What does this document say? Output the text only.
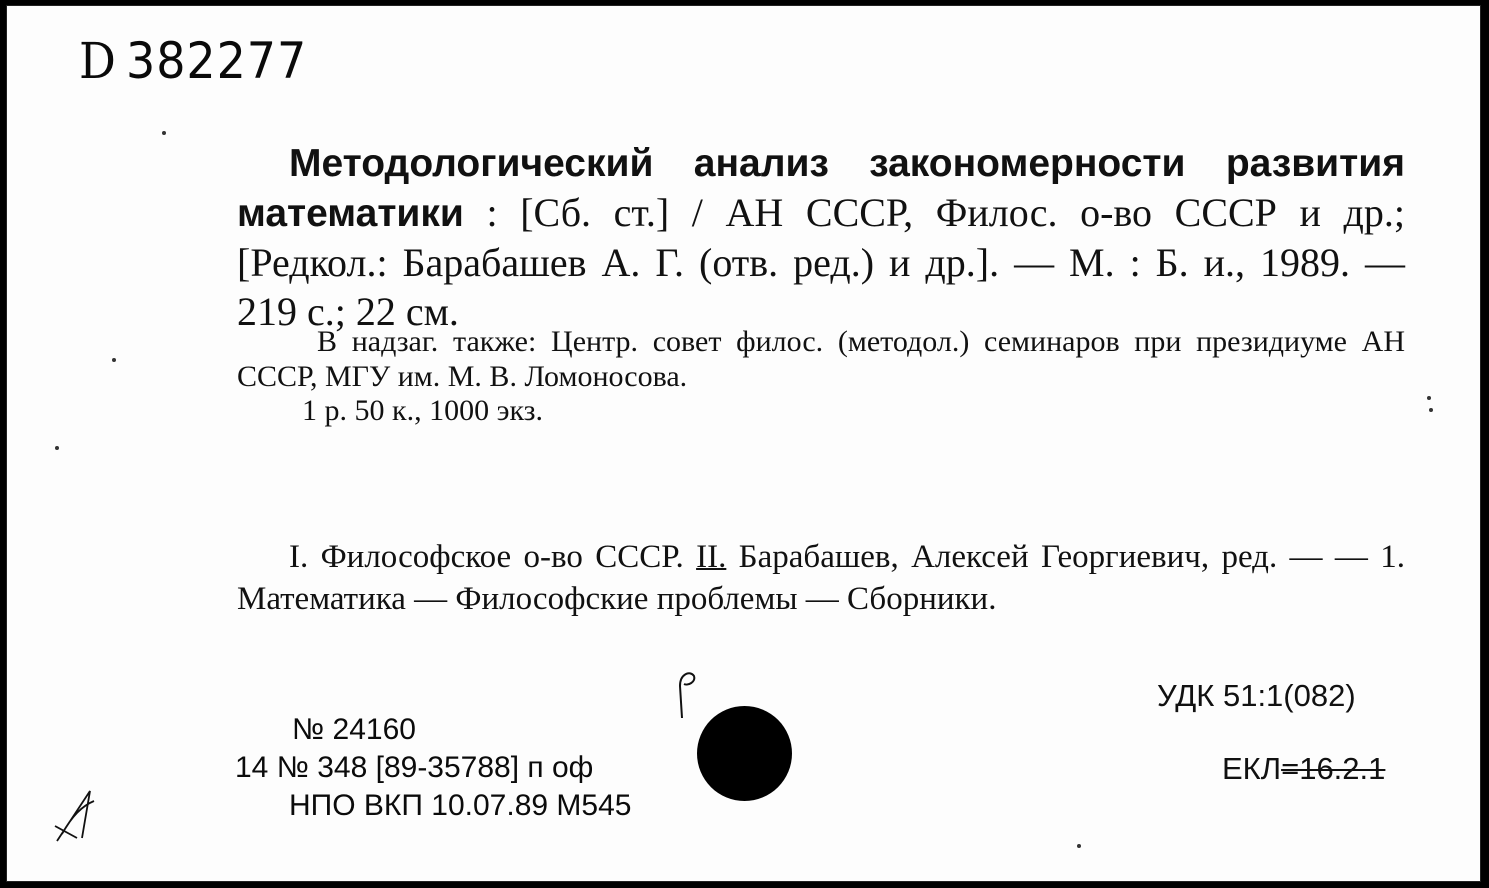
D 382277
Методологический анализ закономерности развития математики : [Сб. ст.] / АН СССР, Филос. о-во СССР и др.; [Редкол.: Барабашев А. Г. (отв. ред.) и др.]. — М. : Б. и., 1989. — 219 с.; 22 см.
В надзаг. также: Центр. совет филос. (методол.) семинаров при президиуме АН СССР, МГУ им. М. В. Ломоносова.
1 р. 50 к., 1000 экз.
I. Философское о-во СССР. II. Барабашев, Алексей Георгиевич, ред. — — 1. Математика — Философские проблемы — Сборники.
№ 24160
14 № 348 [89-35788] п оф
НПО ВКП 10.07.89 М545
УДК 51:1(082)
ЕКЛ=16.2.1
